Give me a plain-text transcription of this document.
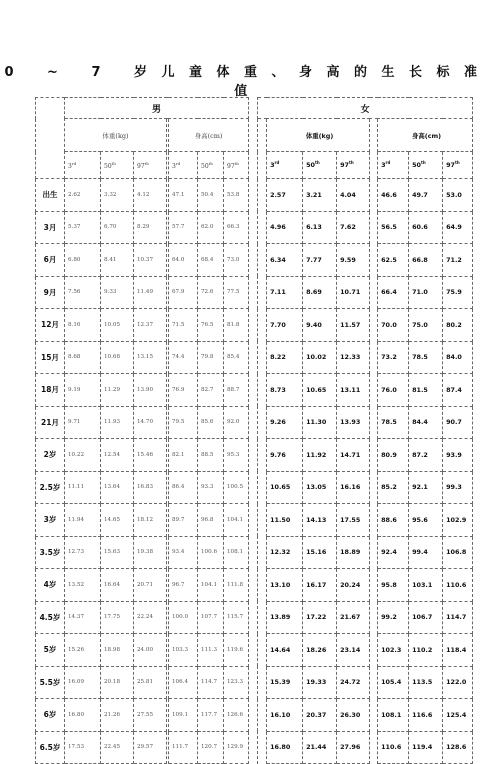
0 ~ 7 岁儿童体重、身高的生长标准值
	男								女							
	体重(kg)				身高(cm)					体重(kg)				身高(cm)		
	3rd	50th	97th		3rd	50th	97th			3rd	50th	97th		3rd	50th	97th
出生	2.62	3.32	4.12		47.1	50.4	53.8			2.57	3.21	4.04		46.6	49.7	53.0
3月	5.37	6.70	8.29		57.7	62.0	66.3			4.96	6.13	7.62		56.5	60.6	64.9
6月	6.80	8.41	10.37		64.0	68.4	73.0			6.34	7.77	9.59		62.5	66.8	71.2
9月	7.56	9.33	11.49		67.9	72.6	77.5			7.11	8.69	10.71		66.4	71.0	75.9
12月	8.16	10.05	12.37		71.5	76.5	81.8			7.70	9.40	11.57		70.0	75.0	80.2
15月	8.68	10.68	13.15		74.4	79.8	85.4			8.22	10.02	12.33		73.2	78.5	84.0
18月	9.19	11.29	13.90		76.9	82.7	88.7			8.73	10.65	13.11		76.0	81.5	87.4
21月	9.71	11.93	14.70		79.5	85.6	92.0			9.26	11.30	13.93		78.5	84.4	90.7
2岁	10.22	12.54	15.46		82.1	88.5	95.3			9.76	11.92	14.71		80.9	87.2	93.9
2.5岁	11.11	13.64	16.83		86.4	93.3	100.5			10.65	13.05	16.16		85.2	92.1	99.3
3岁	11.94	14.65	18.12		89.7	96.8	104.1			11.50	14.13	17.55		88.6	95.6	102.9
3.5岁	12.73	15.63	19.38		93.4	100.6	108.1			12.32	15.16	18.89		92.4	99.4	106.8
4岁	13.52	16.64	20.71		96.7	104.1	111.8			13.10	16.17	20.24		95.8	103.1	110.6
4.5岁	14.37	17.75	22.24		100.0	107.7	115.7			13.89	17.22	21.67		99.2	106.7	114.7
5岁	15.26	18.98	24.00		103.3	111.3	119.6			14.64	18.26	23.14		102.3	110.2	118.4
5.5岁	16.09	20.18	25.81		106.4	114.7	123.3			15.39	19.33	24.72		105.4	113.5	122.0
6岁	16.80	21.26	27.55		109.1	117.7	126.6			16.10	20.37	26.30		108.1	116.6	125.4
6.5岁	17.53	22.45	29.57		111.7	120.7	129.9			16.80	21.44	27.96		110.6	119.4	128.6
